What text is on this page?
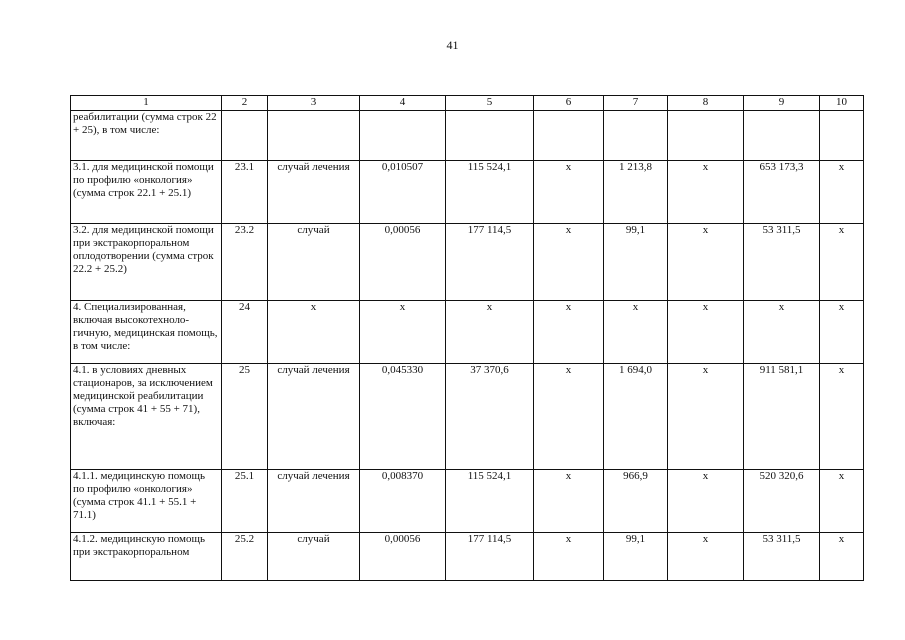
41
1	2	3	4	5	6	7	8	9	10
реабилитации (сумма строк 22 + 25), в том числе:									
3.1. для медицинской помощи по профилю «онкология» (сумма строк 22.1 + 25.1)	23.1	случай лечения	0,010507	115 524,1	х	1 213,8	х	653 173,3	х
3.2. для медицинской помощи при экстракорпоральном оплодотворении (сумма строк 22.2 + 25.2)	23.2	случай	0,00056	177 114,5	х	99,1	х	53 311,5	х
4. Специализированная, включая высокотехноло-гичную, медицинская помощь, в том числе:	24	х	х	х	х	х	х	х	х
4.1. в условиях дневных стационаров, за исключением медицинской реабилитации (сумма строк 41 + 55 + 71), включая:	25	случай лечения	0,045330	37 370,6	х	1 694,0	х	911 581,1	х
4.1.1. медицинскую помощь по профилю «онкология» (сумма строк 41.1 + 55.1 + 71.1)	25.1	случай лечения	0,008370	115 524,1	х	966,9	х	520 320,6	х
4.1.2. медицинскую помощь при экстракорпоральном	25.2	случай	0,00056	177 114,5	х	99,1	х	53 311,5	х
